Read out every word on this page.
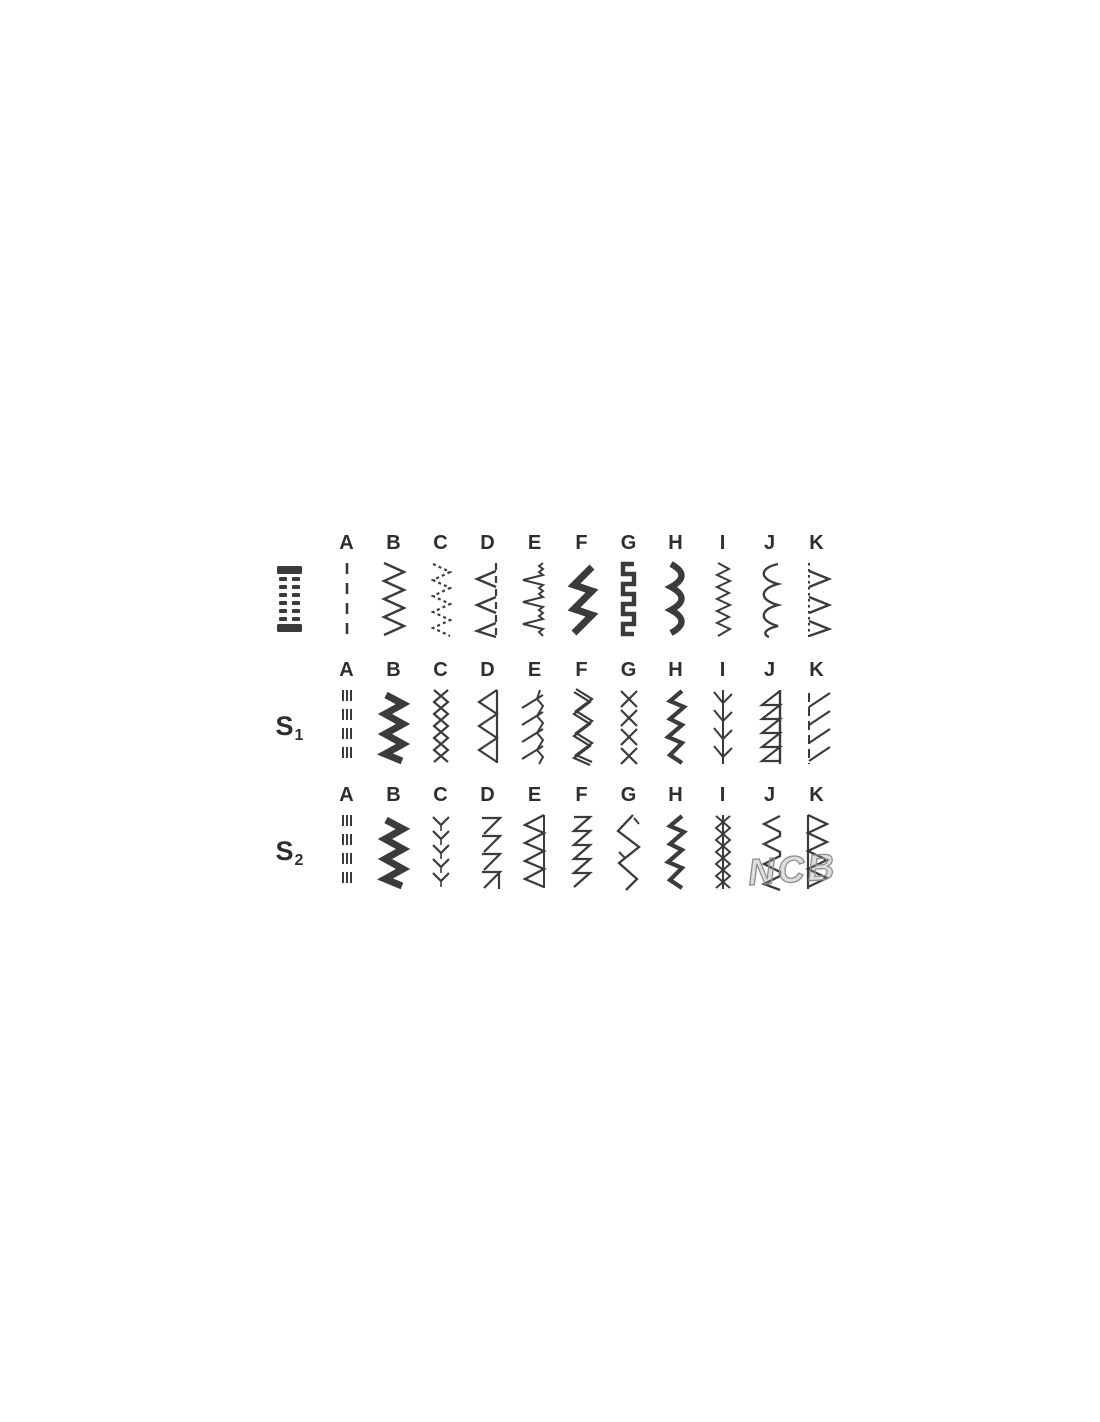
A B C D E F G H I J K
S1
A B C D E F G H I J K
S2
A B C D E F G H I J K
NCB
